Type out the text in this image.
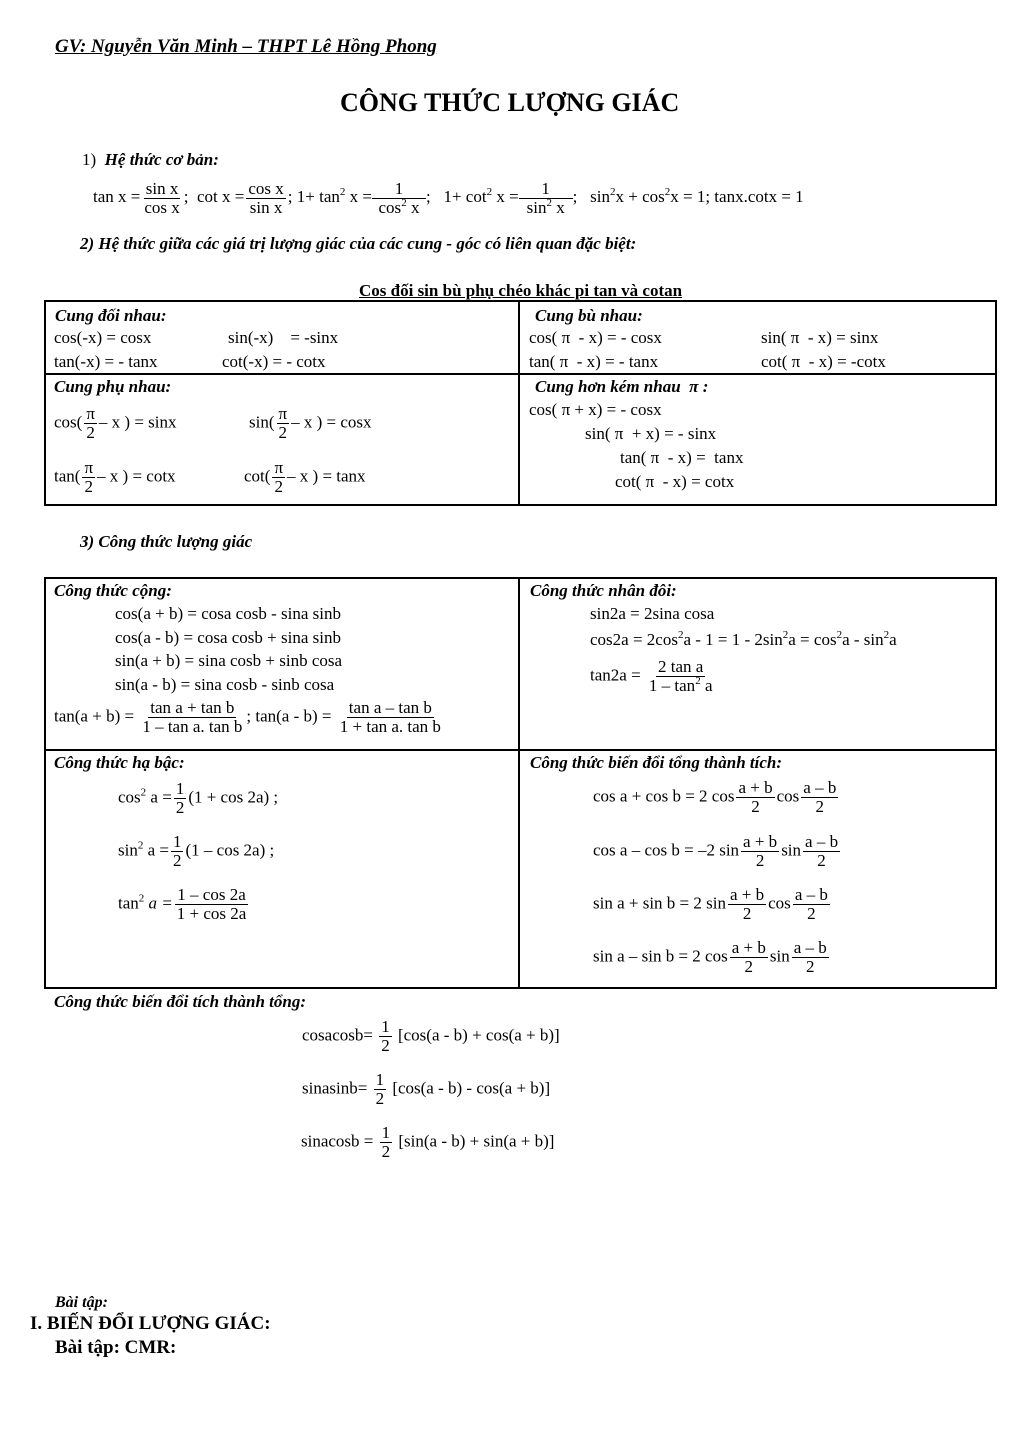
GV: Nguyễn Văn Minh – THPT Lê Hồng Phong
CÔNG THỨC LƯỢNG GIÁC
1) Hệ thức cơ bản:
$\tan x = \frac{\text{sin x}}{\text{cos x}}$ ; $\cot x = \frac{\text{cos x}}{\text{sin x}}$ ; $1+ \tan^2 x = \frac{1}{\cos^2 x}$ ; $1+ \cot^2 x = \frac{1}{\sin^2 x}$ ; $\sin^2x + \cos^2x = 1$; tanx.cotx = 1
2) Hệ thức giữa các giá trị lượng giác của các cung - góc có liên quan đặc biệt:
Cos đối sin bù phụ chéo khác pi tan và cotan
Cung đối nhau:
cos(-x) = cosx	sin(-x)    = -sinx
tan(-x) = - tanx	cot(-x) = - cotx
Cung bù nhau:
cos( π  - x) = - cosx	sin( π  - x) = sinx
tan( π  - x) = - tanx	cot( π  - x) = -cotx
Cung phụ nhau:
$\cos( \frac{\pi}{2}$ – x ) = sinx	$\sin( \frac{\pi}{2}$ – x ) = cosx
$\tan( \frac{\pi}{2}$ – x ) = cotx	$\cot( \frac{\pi}{2}$ – x ) = tanx
Cung hơn kém nhau  π :
cos( π + x) = - cosx
sin( π  + x) = - sinx
tan( π  - x) =  tanx
cot( π  - x) = cotx
3) Công thức lượng giác
Công thức cộng:
cos(a + b) = cosa cosb - sina sinb
cos(a - b) = cosa cosb + sina sinb
sin(a + b) = sina cosb + sinb cosa
sin(a - b) = sina cosb - sinb cosa
$\tan(a + b) = \frac{\text{tan a + tan b}}{\text{1 – tan a. tan b}}$ ; $\tan(a - b) = \frac{\text{tan a – tan b}}{\text{1 + tan a. tan b}}$
Công thức nhân đôi:
sin2a = 2sina cosa
$\cos 2a = 2\cos^2a - 1 = 1 - 2\sin^2a = \cos^2a - \sin^2a$
$\tan 2a = \frac{\text{2 tan a}}{1 - \tan^2 a}$
Công thức hạ bậc:
$\cos^2 a = \frac{1}{2} (1 + \cos 2a)$ ;
$\sin^2 a = \frac{1}{2} (1 - \cos 2a)$ ;
$\tan^2 a = \frac{1 - \cos 2a}{1 + \cos 2a}$
Công thức biến đổi tổng thành tích:
cos a + cos b = 2 $\cos \frac{a + b}{2}$ $\cos \frac{a - b}{2}$
cos a – cos b = –2 $\sin \frac{a + b}{2}$ $\sin \frac{a - b}{2}$
sin a + sin b = 2 $\sin \frac{a + b}{2}$ $\cos \frac{a - b}{2}$
sin a – sin b = 2 $\cos \frac{a + b}{2}$ $\sin \frac{a - b}{2}$
Công thức biến đổi tích thành tổng:
cosacosb= $\frac{1}{2} [\cos(a - b) + \cos(a + b)]$
sinasinb= $\frac{1}{2} [\cos(a - b) - \cos(a + b)]$
sinacosb = $\frac{1}{2} [\sin(a - b) + \sin(a + b)]$
Bài tập:
I. BIẾN ĐỔI LƯỢNG GIÁC:
Bài tập: CMR:
